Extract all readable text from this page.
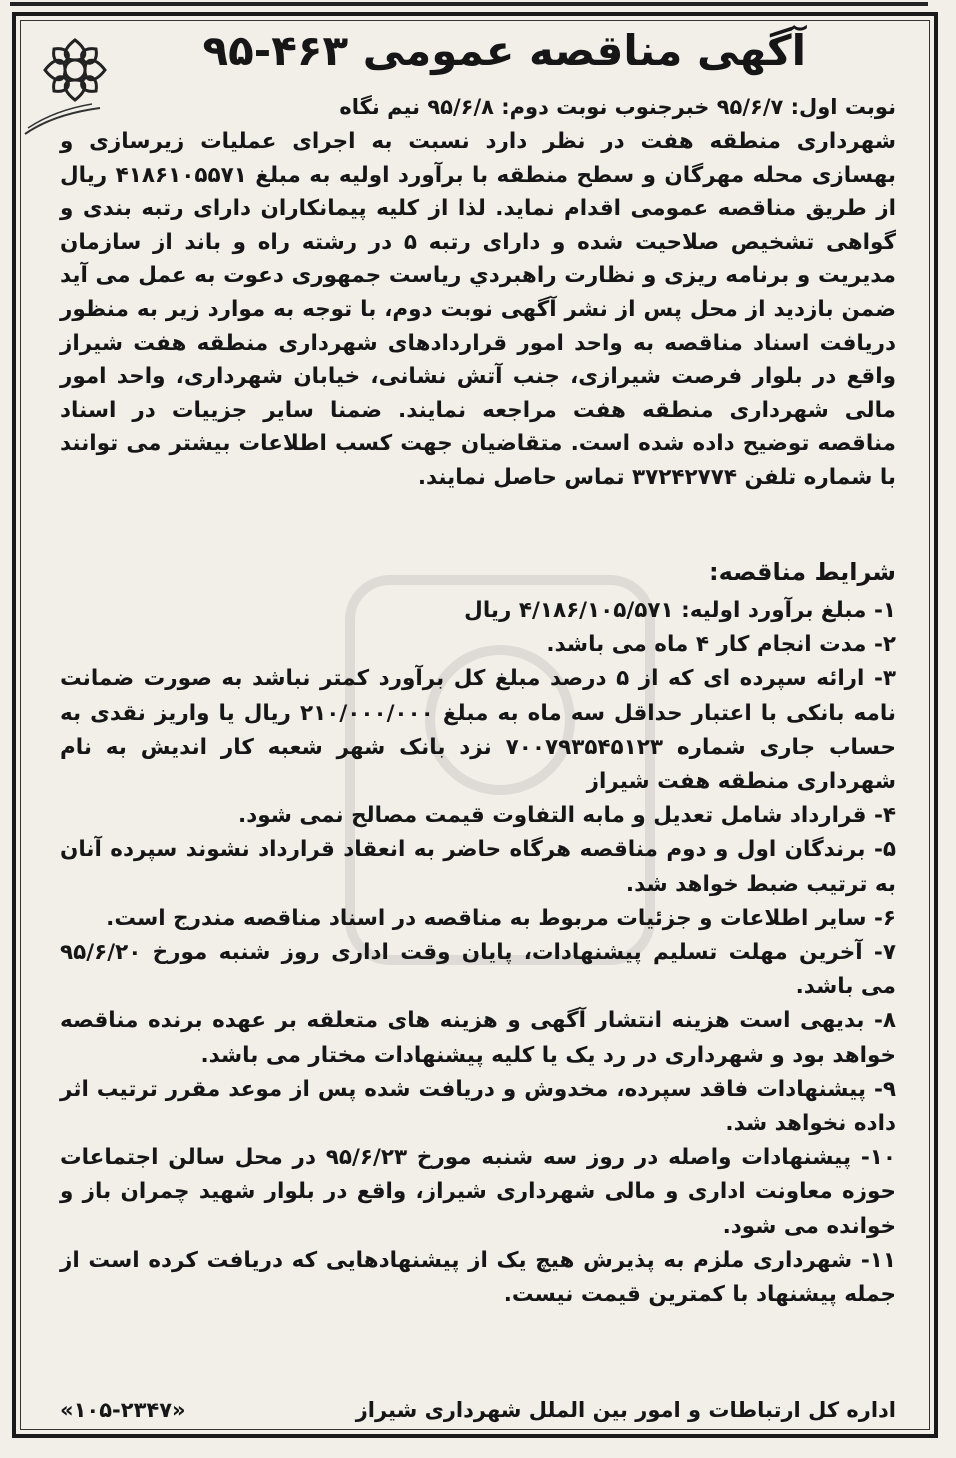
آگهی مناقصه عمومی ۴۶۳-۹۵
نوبت اول: ۹۵/۶/۷ خبرجنوب نوبت دوم: ۹۵/۶/۸ نیم نگاه
شهرداری منطقه هفت در نظر دارد نسبت به اجرای عملیات زیرسازی و بهسازی محله مهرگان و سطح منطقه با برآورد اولیه به مبلغ ۴۱۸۶۱۰۵۵۷۱ ریال از طریق مناقصه عمومی اقدام نماید. لذا از کلیه پیمانکاران دارای رتبه بندی و گواهی تشخیص صلاحیت شده و دارای رتبه ۵ در رشته راه و باند از سازمان مدیریت و برنامه ریزی و نظارت راهبردي ریاست جمهوری دعوت به عمل می آید ضمن بازدید از محل پس از نشر آگهی نوبت دوم، با توجه به موارد زیر به منظور دریافت اسناد مناقصه به واحد امور قراردادهای شهرداری منطقه هفت شیراز واقع در بلوار فرصت شیرازی، جنب آتش نشانی، خیابان شهرداری، واحد امور مالی شهرداری منطقه هفت مراجعه نمایند. ضمنا سایر جزییات در اسناد مناقصه توضیح داده شده است. متقاضیان جهت کسب اطلاعات بیشتر می توانند با شماره تلفن ۳۷۲۴۲۷۷۴ تماس حاصل نمایند.
شرایط مناقصه:

۱- مبلغ برآورد اولیه: ۴/۱۸۶/۱۰۵/۵۷۱ ریال

۲- مدت انجام کار ۴ ماه می باشد.

۳- ارائه سپرده ای که از ۵ درصد مبلغ کل برآورد کمتر نباشد به صورت ضمانت نامه بانکی با اعتبار حداقل سه ماه به مبلغ ۲۱۰/۰۰۰/۰۰۰ ریال یا واریز نقدی به حساب جاری شماره ۷۰۰۷۹۳۵۴۵۱۲۳ نزد بانک شهر شعبه کار اندیش به نام شهرداری منطقه هفت شیراز

۴- قرارداد شامل تعدیل و مابه التفاوت قیمت مصالح نمی شود.

۵- برندگان اول و دوم مناقصه هرگاه حاضر به انعقاد قرارداد نشوند سپرده آنان به ترتیب ضبط خواهد شد.

۶- سایر اطلاعات و جزئیات مربوط به مناقصه در اسناد مناقصه مندرج است.

۷- آخرین مهلت تسلیم پیشنهادات، پایان وقت اداری روز شنبه مورخ ۹۵/۶/۲۰ می باشد.

۸- بدیهی است هزینه انتشار آگهی و هزینه های متعلقه بر عهده برنده مناقصه خواهد بود و شهرداری در رد یک یا کلیه پیشنهادات مختار می باشد.

۹- پیشنهادات فاقد سپرده، مخدوش و دریافت شده پس از موعد مقرر ترتیب اثر داده نخواهد شد.

۱۰- پیشنهادات واصله در روز سه شنبه مورخ ۹۵/۶/۲۳ در محل سالن اجتماعات حوزه معاونت اداری و مالی شهرداری شیراز، واقع در بلوار شهید چمران باز و خوانده می شود.

۱۱- شهرداری ملزم به پذیرش هیچ یک از پیشنهادهایی که دریافت کرده است از جمله پیشنهاد با کمترین قیمت نیست.

اداره کل ارتباطات و امور بین الملل شهرداری شیراز
«۱۰۵-۲۳۴۷»
